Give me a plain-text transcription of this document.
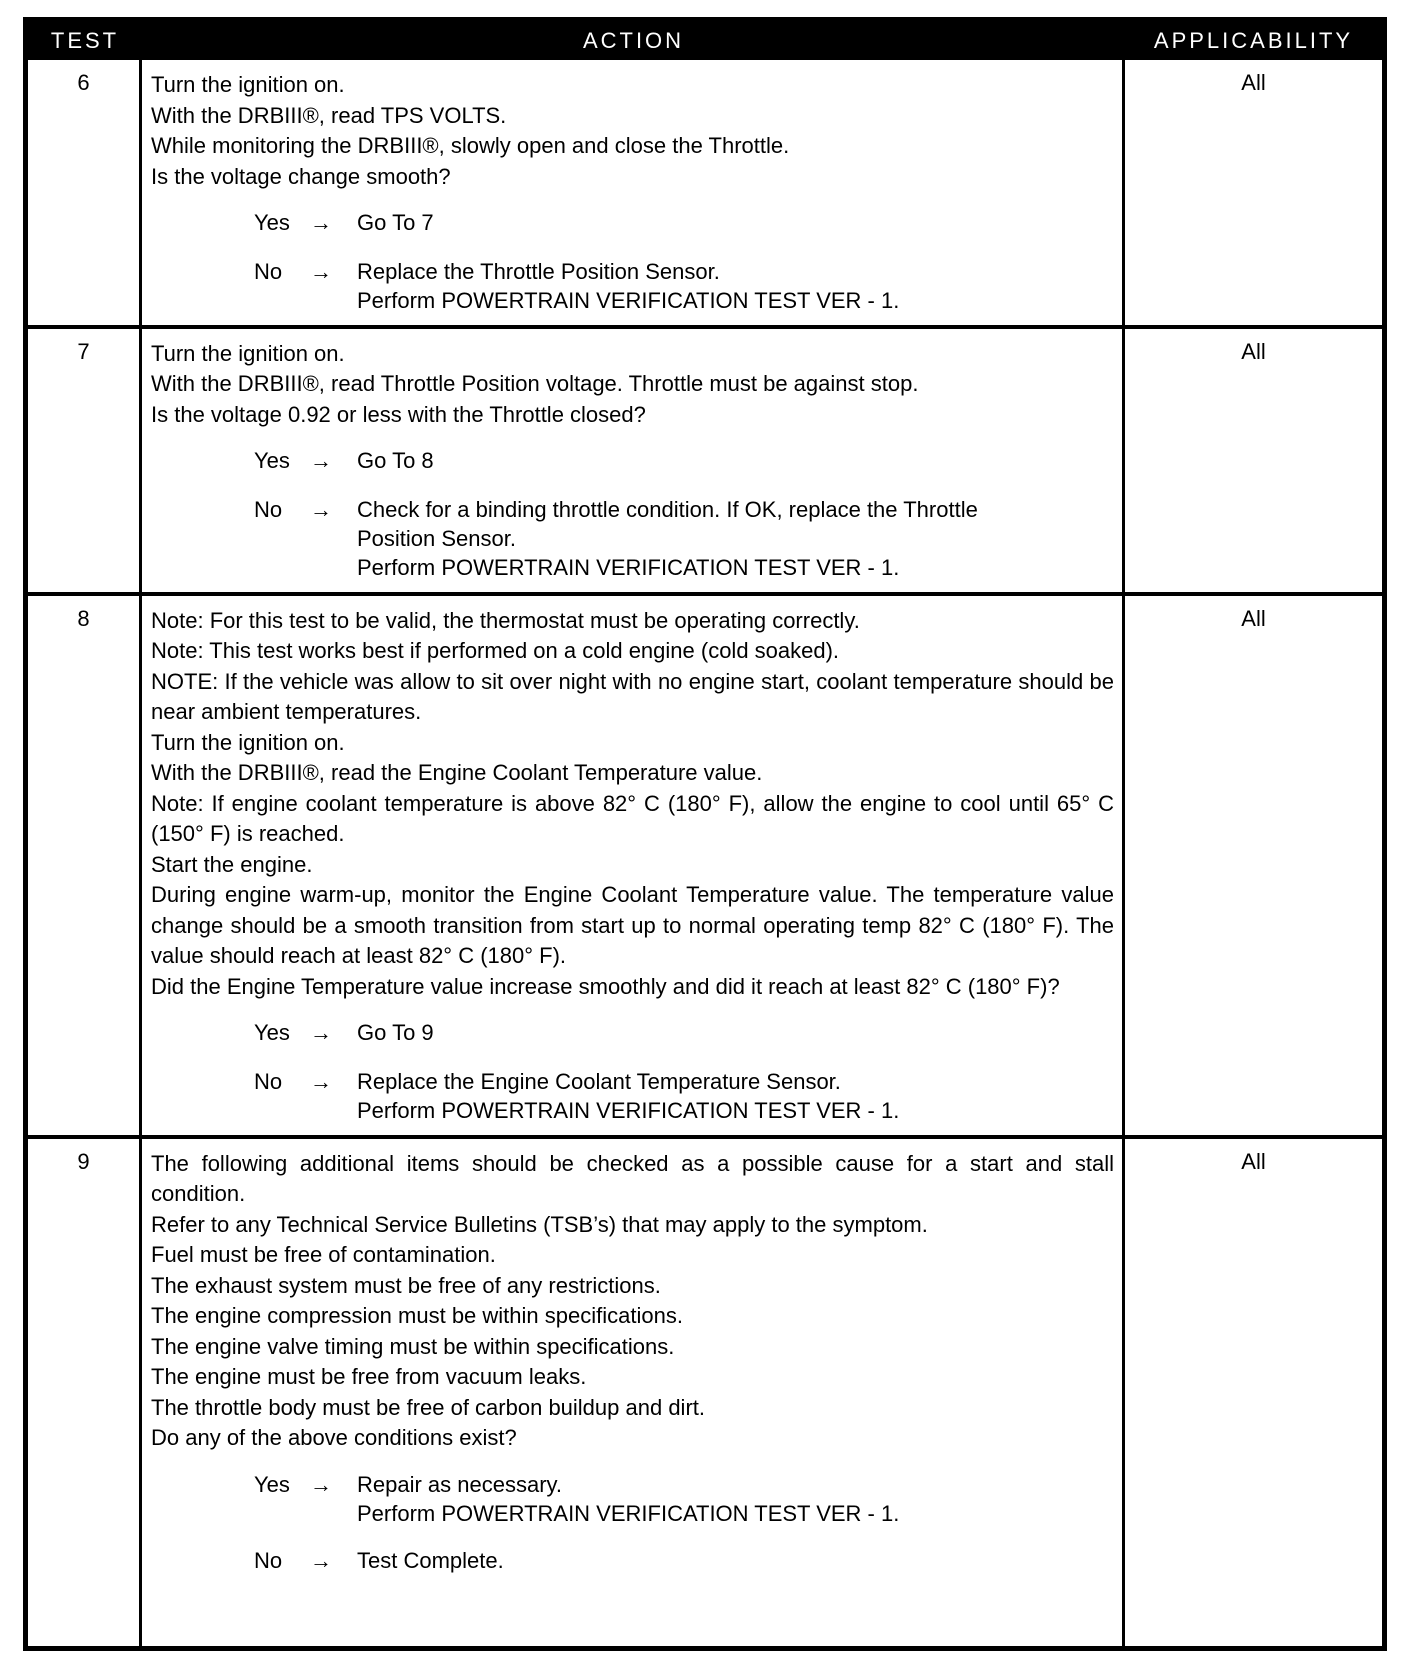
TEST	ACTION	APPLICABILITY
6	Turn the ignition on.
With the DRBIII®, read TPS VOLTS.
While monitoring the DRBIII®, slowly open and close the Throttle.
Is the voltage change smooth?
Yes →	Go To 7
No	→	Replace the Throttle Position Sensor.
Perform POWERTRAIN VERIFICATION TEST VER - 1.
All
7	Turn the ignition on.
With the DRBIII®, read Throttle Position voltage. Throttle must be against stop.
Is the voltage 0.92 or less with the Throttle closed?
Yes →	Go To 8
No	→	Check for a binding throttle condition. If OK, replace the Throttle
Position Sensor.
Perform POWERTRAIN VERIFICATION TEST VER - 1.
All
8	Note: For this test to be valid, the thermostat must be operating correctly.
Note: This test works best if performed on a cold engine (cold soaked).
NOTE: If the vehicle was allow to sit over night with no engine start, coolant temperature should be near ambient temperatures.
Turn the ignition on.
With the DRBIII®, read the Engine Coolant Temperature value.
Note: If engine coolant temperature is above 82° C (180° F), allow the engine to cool until 65° C (150° F) is reached.
Start the engine.
During engine warm-up, monitor the Engine Coolant Temperature value. The temperature value change should be a smooth transition from start up to normal operating temp 82° C (180° F). The value should reach at least 82° C (180° F).
Did the Engine Temperature value increase smoothly and did it reach at least 82° C (180° F)?
Yes →	Go To 9
No	→	Replace the Engine Coolant Temperature Sensor.
Perform POWERTRAIN VERIFICATION TEST VER - 1.
All
9	The following additional items should be checked as a possible cause for a start and stall condition.
Refer to any Technical Service Bulletins (TSB’s) that may apply to the symptom.
Fuel must be free of contamination.
The exhaust system must be free of any restrictions.
The engine compression must be within specifications.
The engine valve timing must be within specifications.
The engine must be free from vacuum leaks.
The throttle body must be free of carbon buildup and dirt.
Do any of the above conditions exist?
Yes →	Repair as necessary.
Perform POWERTRAIN VERIFICATION TEST VER - 1.
No	→	Test Complete.
All
